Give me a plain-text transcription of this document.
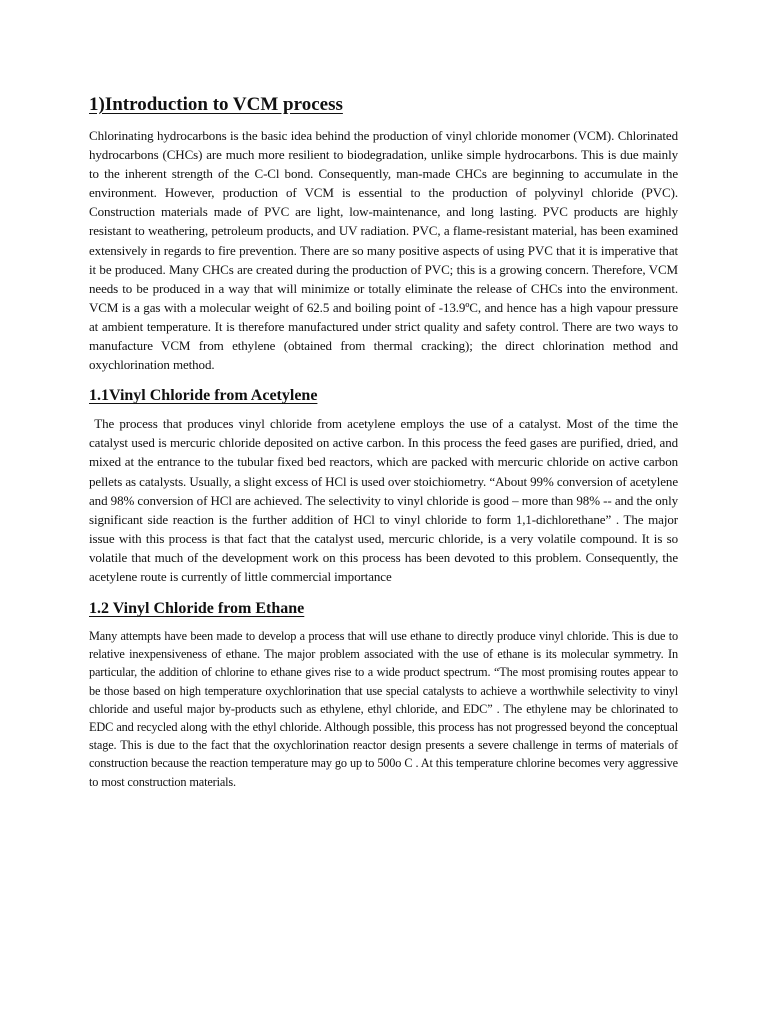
1)Introduction to VCM process

Chlorinating hydrocarbons is the basic idea behind the production of vinyl chloride monomer (VCM). Chlorinated hydrocarbons (CHCs) are much more resilient to biodegradation, unlike simple hydrocarbons. This is due mainly to the inherent strength of the C-Cl bond. Consequently, man-made CHCs are beginning to accumulate in the environment. However, production of VCM is essential to the production of polyvinyl chloride (PVC). Construction materials made of PVC are light, low-maintenance, and long lasting. PVC products are highly resistant to weathering, petroleum products, and UV radiation. PVC, a flame-resistant material, has been examined extensively in regards to fire prevention. There are so many positive aspects of using PVC that it is imperative that it be produced. Many CHCs are created during the production of PVC; this is a growing concern. Therefore, VCM needs to be produced in a way that will minimize or totally eliminate the release of CHCs into the environment. VCM is a gas with a molecular weight of 62.5 and boiling point of -13.9ºC, and hence has a high vapour pressure at ambient temperature. It is therefore manufactured under strict quality and safety control. There are two ways to manufacture VCM from ethylene (obtained from thermal cracking); the direct chlorination method and oxychlorination method.

1.1Vinyl Chloride from Acetylene

The process that produces vinyl chloride from acetylene employs the use of a catalyst. Most of the time the catalyst used is mercuric chloride deposited on active carbon. In this process the feed gases are purified, dried, and mixed at the entrance to the tubular fixed bed reactors, which are packed with mercuric chloride on active carbon pellets as catalysts. Usually, a slight excess of HCl is used over stoichiometry. “About 99% conversion of acetylene and 98% conversion of HCl are achieved. The selectivity to vinyl chloride is good – more than 98% -- and the only significant side reaction is the further addition of HCl to vinyl chloride to form 1,1-dichlorethane” . The major issue with this process is that fact that the catalyst used, mercuric chloride, is a very volatile compound. It is so volatile that much of the development work on this process has been devoted to this problem. Consequently, the acetylene route is currently of little commercial importance

1.2 Vinyl Chloride from Ethane

Many attempts have been made to develop a process that will use ethane to directly produce vinyl chloride. This is due to relative inexpensiveness of ethane. The major problem associated with the use of ethane is its molecular symmetry. In particular, the addition of chlorine to ethane gives rise to a wide product spectrum. “The most promising routes appear to be those based on high temperature oxychlorination that use special catalysts to achieve a worthwhile selectivity to vinyl chloride and useful major by-products such as ethylene, ethyl chloride, and EDC” . The ethylene may be chlorinated to EDC and recycled along with the ethyl chloride. Although possible, this process has not progressed beyond the conceptual stage. This is due to the fact that the oxychlorination reactor design presents a severe challenge in terms of materials of construction because the reaction temperature may go up to 500o C . At this temperature chlorine becomes very aggressive to most construction materials.
